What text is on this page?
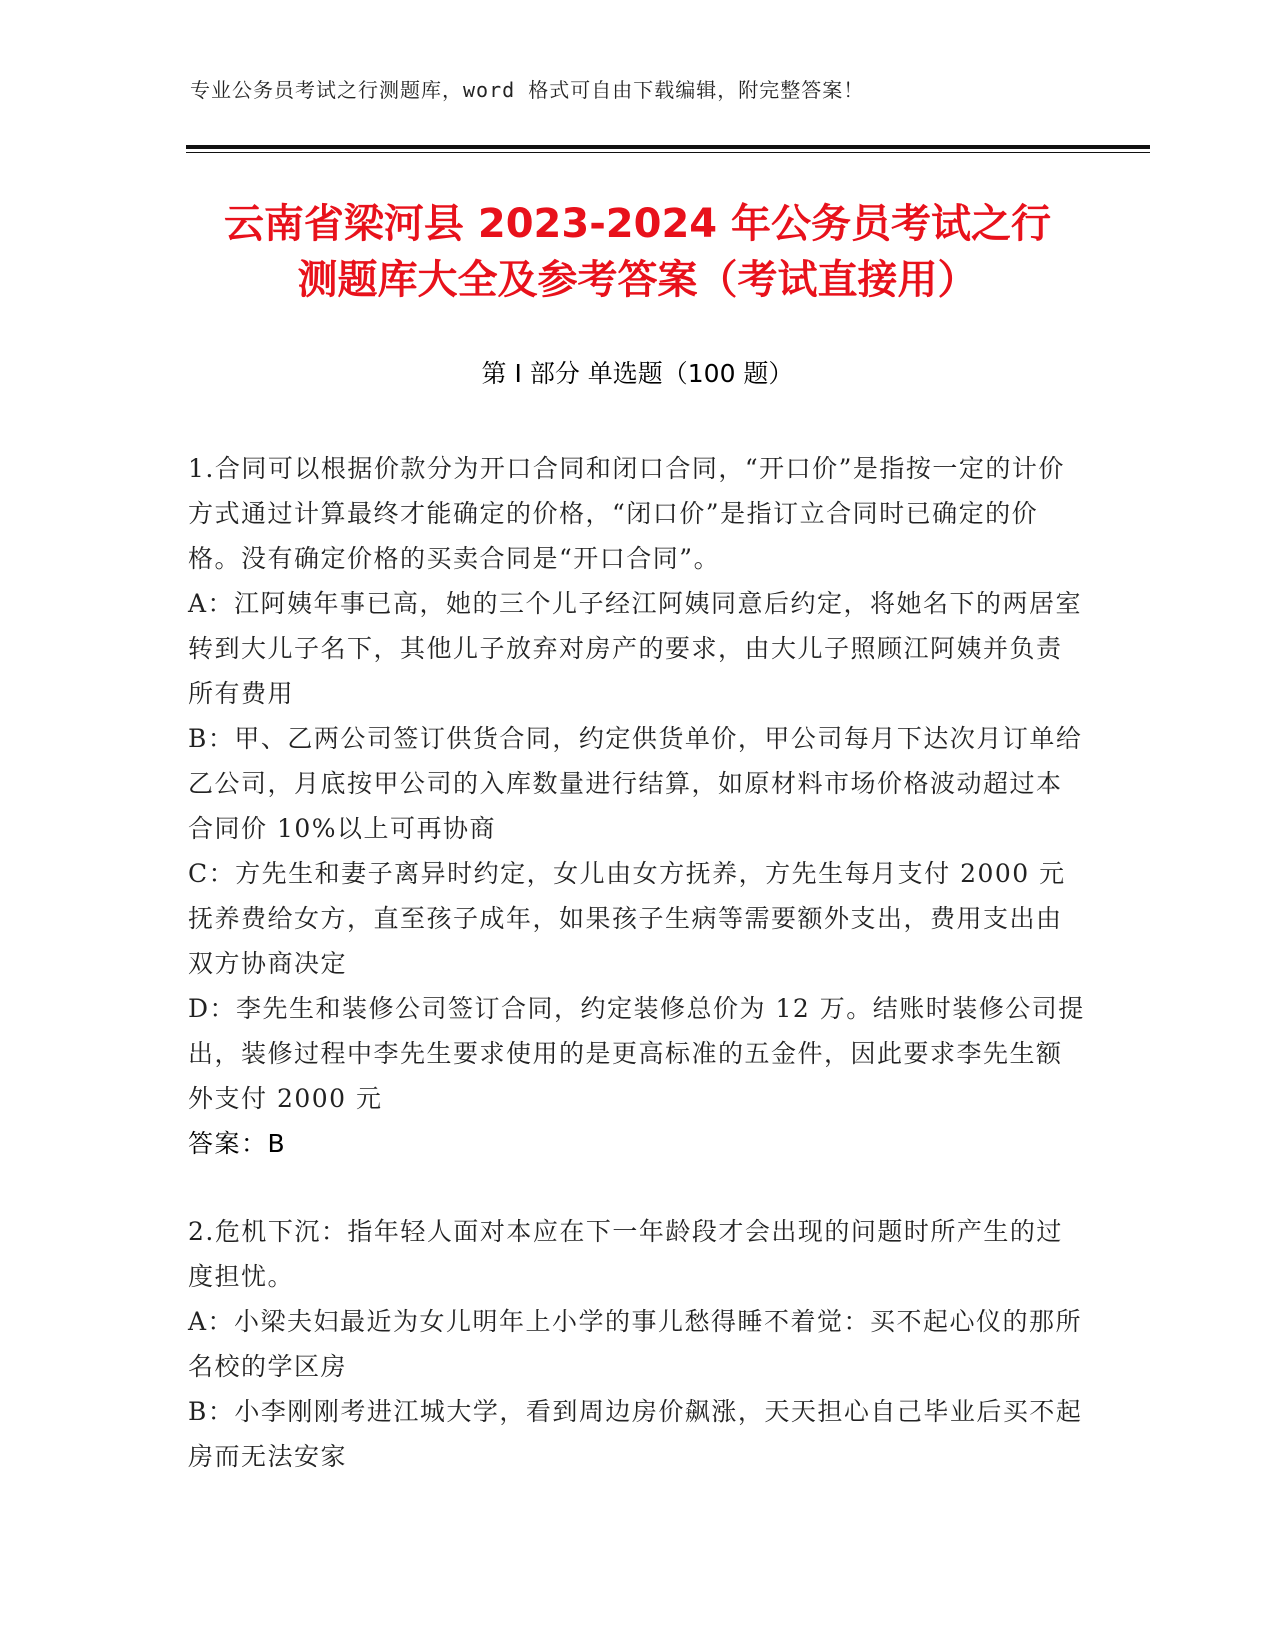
专业公务员考试之行测题库，word 格式可自由下载编辑，附完整答案！
云南省梁河县 2023-2024 年公务员考试之行
测题库大全及参考答案（考试直接用）
第 I 部分 单选题（100 题）

1.合同可以根据价款分为开口合同和闭口合同，“开口价”是指按一定的计价方式通过计算最终才能确定的价格，“闭口价”是指订立合同时已确定的价格。没有确定价格的买卖合同是“开口合同”。

A：江阿姨年事已高，她的三个儿子经江阿姨同意后约定，将她名下的两居室转到大儿子名下，其他儿子放弃对房产的要求，由大儿子照顾江阿姨并负责所有费用

B：甲、乙两公司签订供货合同，约定供货单价，甲公司每月下达次月订单给乙公司，月底按甲公司的入库数量进行结算，如原材料市场价格波动超过本合同价 10%以上可再协商

C：方先生和妻子离异时约定，女儿由女方抚养，方先生每月支付 2000 元抚养费给女方，直至孩子成年，如果孩子生病等需要额外支出，费用支出由双方协商决定

D：李先生和装修公司签订合同，约定装修总价为 12 万。结账时装修公司提出，装修过程中李先生要求使用的是更高标准的五金件，因此要求李先生额外支付 2000 元

答案：B

2.危机下沉：指年轻人面对本应在下一年龄段才会出现的问题时所产生的过度担忧。

A：小梁夫妇最近为女儿明年上小学的事儿愁得睡不着觉：买不起心仪的那所名校的学区房

B：小李刚刚考进江城大学，看到周边房价飙涨，天天担心自己毕业后买不起房而无法安家
